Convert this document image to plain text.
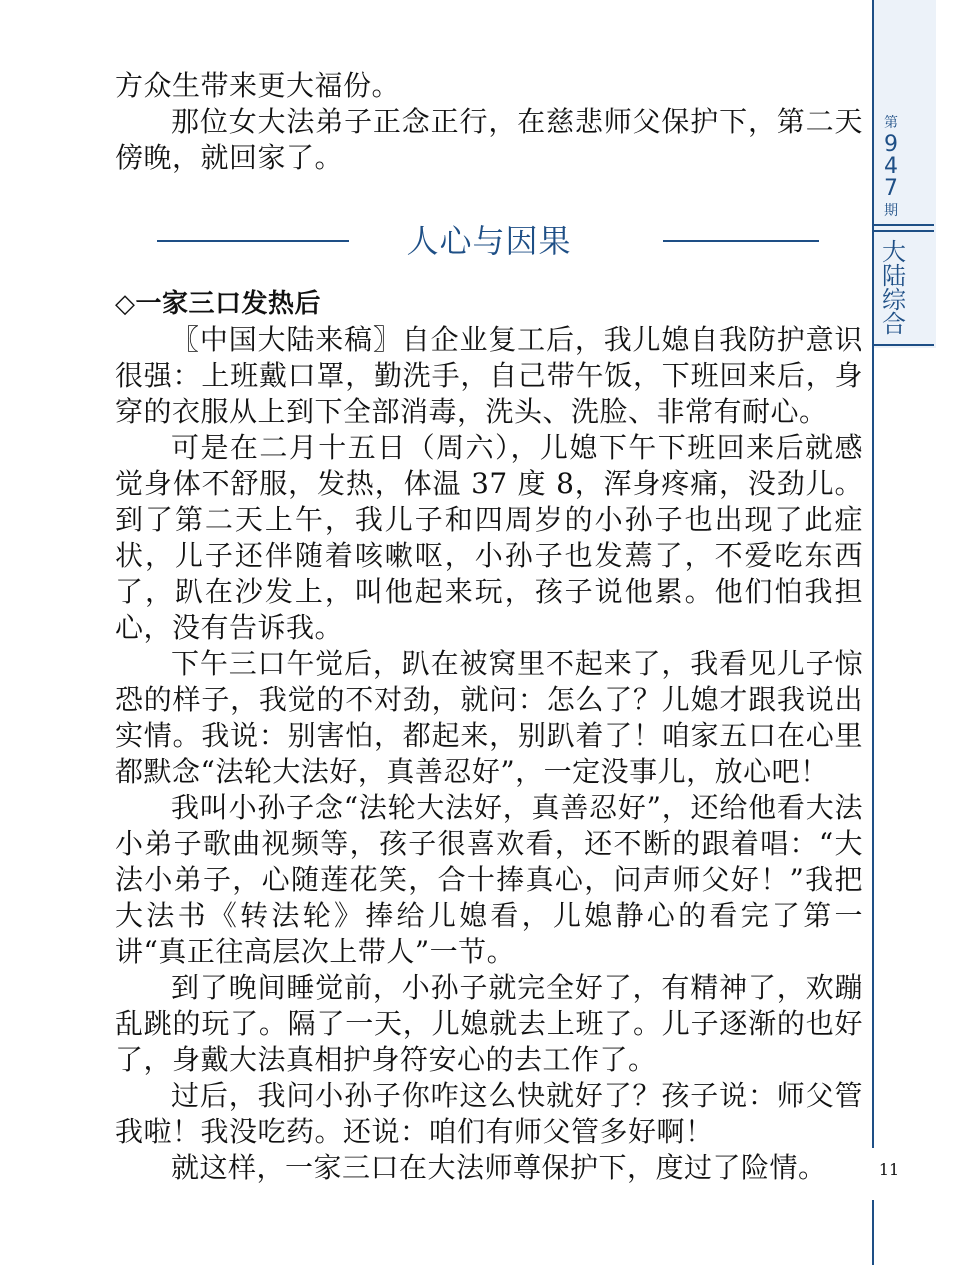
方众生带来更大福份。

那位女大法弟子正念正行，在慈悲师父保护下，第二天傍晚，就回家了。

人心与因果

◇一家三口发热后

〖中国大陆来稿〗自企业复工后，我儿媳自我防护意识很强：上班戴口罩，勤洗手，自己带午饭，下班回来后，身穿的衣服从上到下全部消毒，洗头、洗脸、非常有耐心。

可是在二月十五日（周六），儿媳下午下班回来后就感觉身体不舒服，发热，体温 37 度 8，浑身疼痛，没劲儿。到了第二天上午，我儿子和四周岁的小孙子也出现了此症状，儿子还伴随着咳嗽呕，小孙子也发蔫了，不爱吃东西了，趴在沙发上，叫他起来玩，孩子说他累。他们怕我担心，没有告诉我。

下午三口午觉后，趴在被窝里不起来了，我看见儿子惊恐的样子，我觉的不对劲，就问：怎么了？儿媳才跟我说出实情。我说：别害怕，都起来，别趴着了！咱家五口在心里都默念“法轮大法好，真善忍好”，一定没事儿，放心吧！

我叫小孙子念“法轮大法好，真善忍好”，还给他看大法小弟子歌曲视频等，孩子很喜欢看，还不断的跟着唱：“大法小弟子，心随莲花笑，合十捧真心，问声师父好！”我把大法书《转法轮》捧给儿媳看，儿媳静心的看完了第一讲“真正往高层次上带人”一节。

到了晚间睡觉前，小孙子就完全好了，有精神了，欢蹦乱跳的玩了。隔了一天，儿媳就去上班了。儿子逐渐的也好了，身戴大法真相护身符安心的去工作了。

过后，我问小孙子你咋这么快就好了？孩子说：师父管我啦！我没吃药。还说：咱们有师父管多好啊！

就这样，一家三口在大法师尊保护下，度过了险情。

第
9
4
7
期
大
陆
综
合
11
